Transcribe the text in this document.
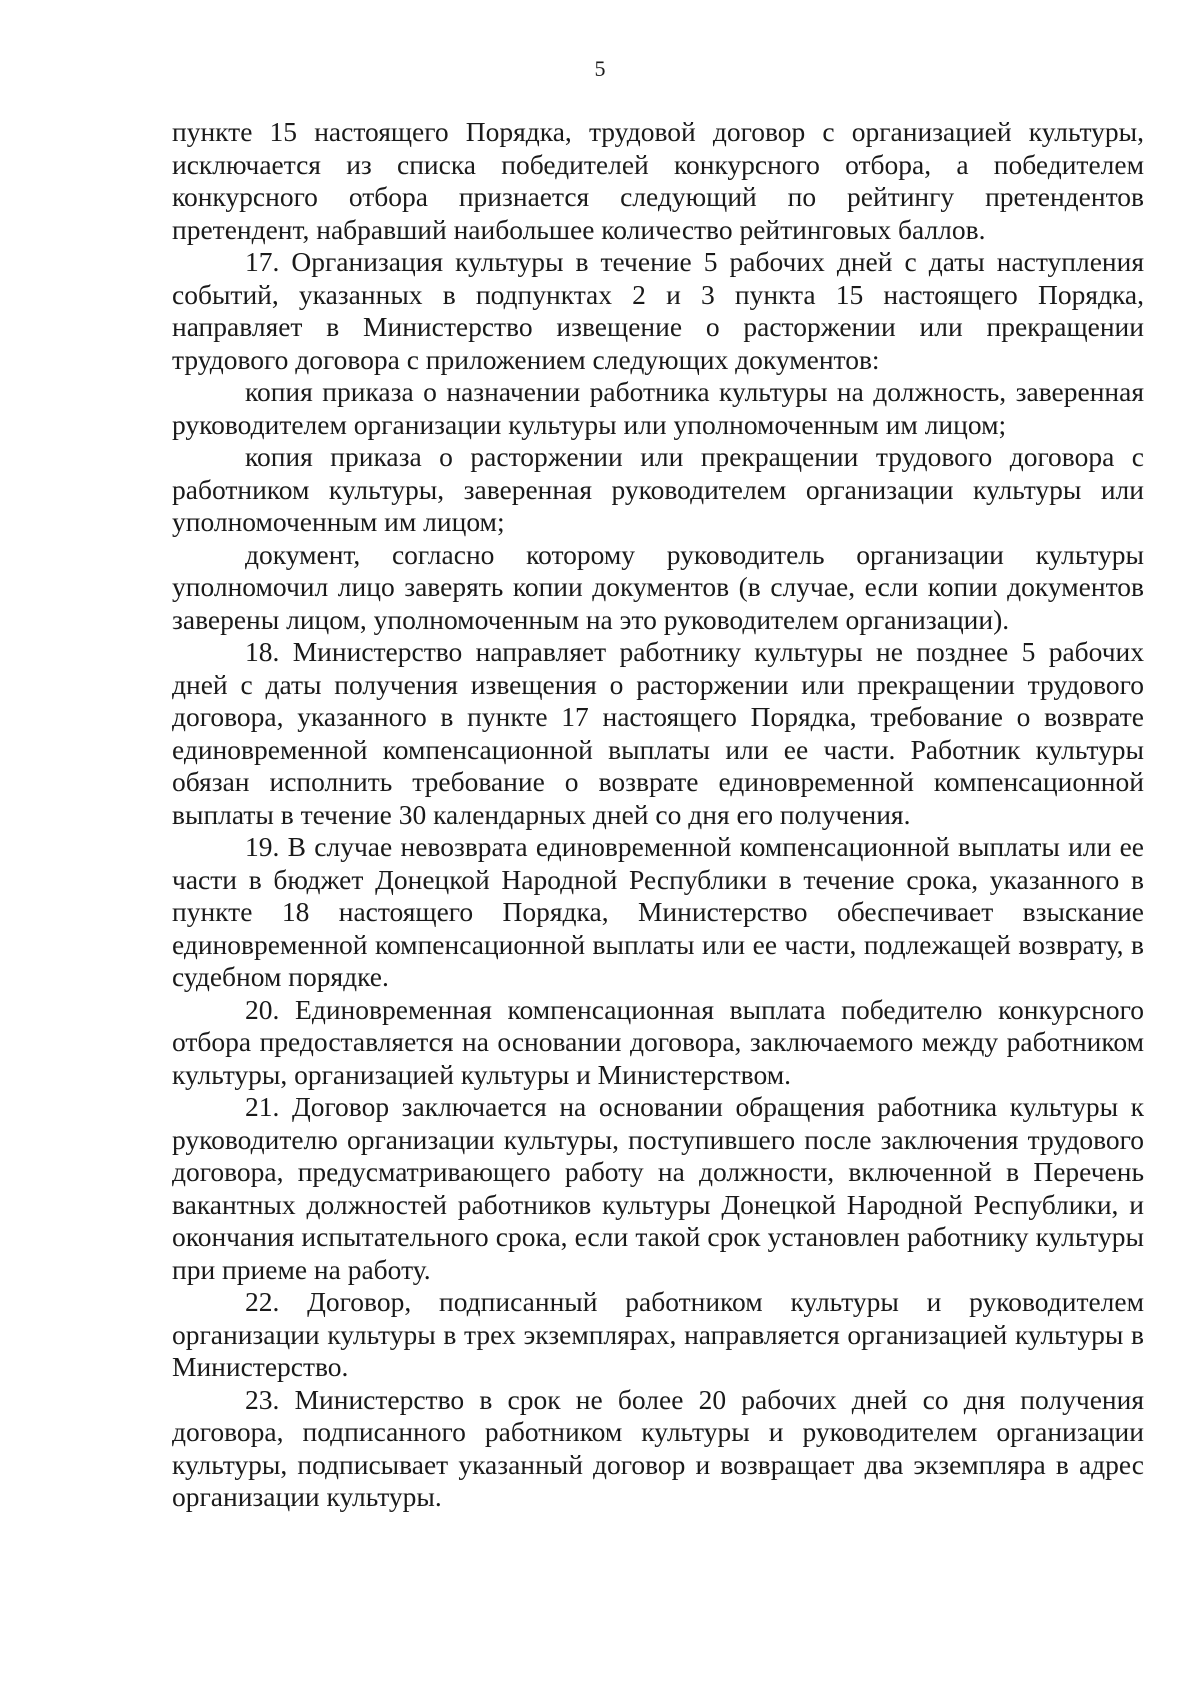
5

пункте 15 настоящего Порядка, трудовой договор с организацией культуры, исключается из списка победителей конкурсного отбора, а победителем конкурсного отбора признается следующий по рейтингу претендентов претендент, набравший наибольшее количество рейтинговых баллов.

17. Организация культуры в течение 5 рабочих дней с даты наступления событий, указанных в подпунктах 2 и 3 пункта 15 настоящего Порядка, направляет в Министерство извещение о расторжении или прекращении трудового договора с приложением следующих документов:

копия приказа о назначении работника культуры на должность, заверенная руководителем организации культуры или уполномоченным им лицом;

копия приказа о расторжении или прекращении трудового договора с работником культуры, заверенная руководителем организации культуры или уполномоченным им лицом;

документ, согласно которому руководитель организации культуры уполномочил лицо заверять копии документов (в случае, если копии документов заверены лицом, уполномоченным на это руководителем организации).

18. Министерство направляет работнику культуры не позднее 5 рабочих дней с даты получения извещения о расторжении или прекращении трудового договора, указанного в пункте 17 настоящего Порядка, требование о возврате единовременной компенсационной выплаты или ее части. Работник культуры обязан исполнить требование о возврате единовременной компенсационной выплаты в течение 30 календарных дней со дня его получения.

19. В случае невозврата единовременной компенсационной выплаты или ее части в бюджет Донецкой Народной Республики в течение срока, указанного в пункте 18 настоящего Порядка, Министерство обеспечивает взыскание единовременной компенсационной выплаты или ее части, подлежащей возврату, в судебном порядке.

20. Единовременная компенсационная выплата победителю конкурсного отбора предоставляется на основании договора, заключаемого между работником культуры, организацией культуры и Министерством.

21. Договор заключается на основании обращения работника культуры к руководителю организации культуры, поступившего после заключения трудового договора, предусматривающего работу на должности, включенной в Перечень вакантных должностей работников культуры Донецкой Народной Республики, и окончания испытательного срока, если такой срок установлен работнику культуры при приеме на работу.

22. Договор, подписанный работником культуры и руководителем организации культуры в трех экземплярах, направляется организацией культуры в Министерство.

23. Министерство в срок не более 20 рабочих дней со дня получения договора, подписанного работником культуры и руководителем организации культуры, подписывает указанный договор и возвращает два экземпляра в адрес организации культуры.
